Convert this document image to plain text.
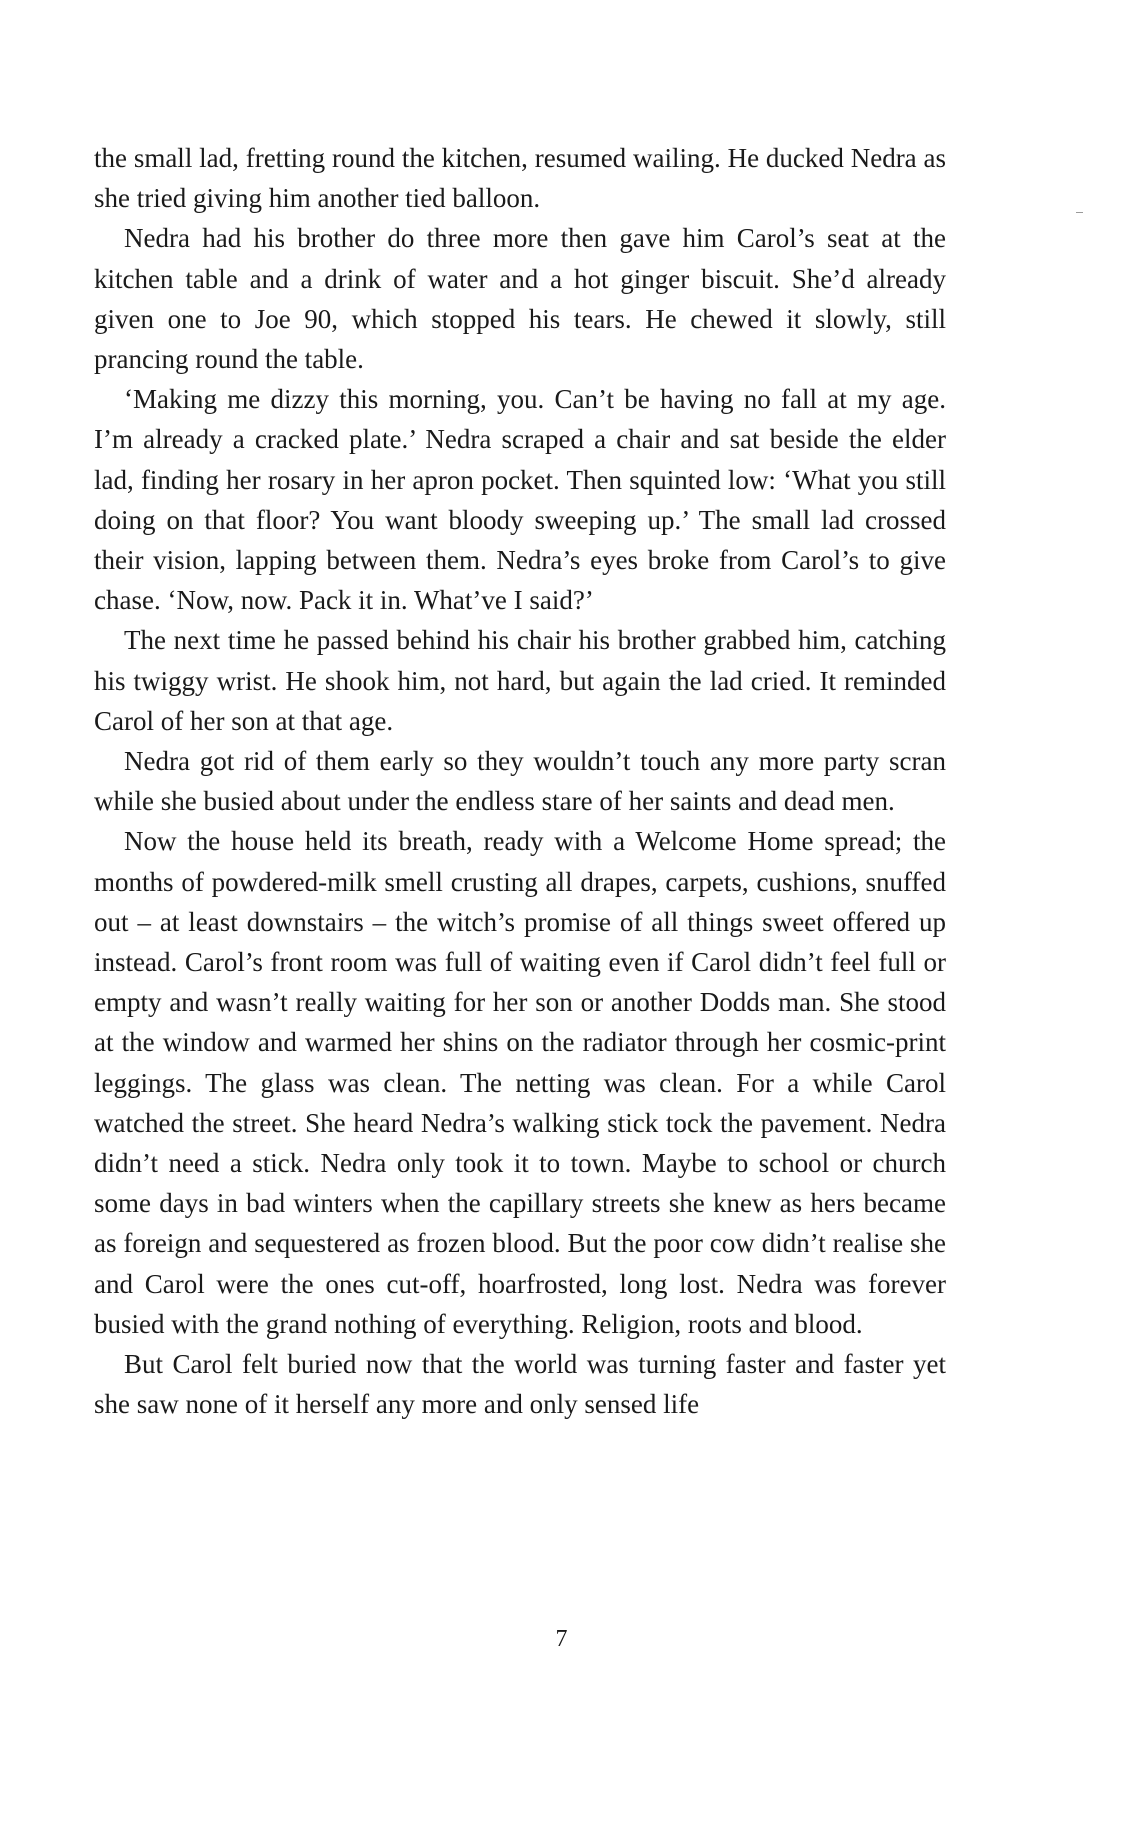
the small lad, fretting round the kitchen, resumed wailing. He ducked Nedra as she tried giving him another tied balloon.

Nedra had his brother do three more then gave him Carol’s seat at the kitchen table and a drink of water and a hot ginger biscuit. She’d already given one to Joe 90, which stopped his tears. He chewed it slowly, still prancing round the table.

‘Making me dizzy this morning, you. Can’t be having no fall at my age. I’m already a cracked plate.’ Nedra scraped a chair and sat beside the elder lad, finding her rosary in her apron pocket. Then squinted low: ‘What you still doing on that floor? You want bloody sweeping up.’ The small lad crossed their vision, lapping between them. Nedra’s eyes broke from Carol’s to give chase. ‘Now, now. Pack it in. What’ve I said?’

The next time he passed behind his chair his brother grabbed him, catching his twiggy wrist. He shook him, not hard, but again the lad cried. It reminded Carol of her son at that age.

Nedra got rid of them early so they wouldn’t touch any more party scran while she busied about under the endless stare of her saints and dead men.

Now the house held its breath, ready with a Welcome Home spread; the months of powdered-milk smell crusting all drapes, carpets, cushions, snuffed out – at least downstairs – the witch’s promise of all things sweet offered up instead. Carol’s front room was full of waiting even if Carol didn’t feel full or empty and wasn’t really waiting for her son or another Dodds man. She stood at the window and warmed her shins on the radiator through her cosmic-print leggings. The glass was clean. The netting was clean. For a while Carol watched the street. She heard Nedra’s walking stick tock the pavement. Nedra didn’t need a stick. Nedra only took it to town. Maybe to school or church some days in bad winters when the capillary streets she knew as hers became as foreign and sequestered as frozen blood. But the poor cow didn’t realise she and Carol were the ones cut-off, hoarfrosted, long lost. Nedra was forever busied with the grand nothing of everything. Religion, roots and blood.

But Carol felt buried now that the world was turning faster and faster yet she saw none of it herself any more and only sensed life

7
